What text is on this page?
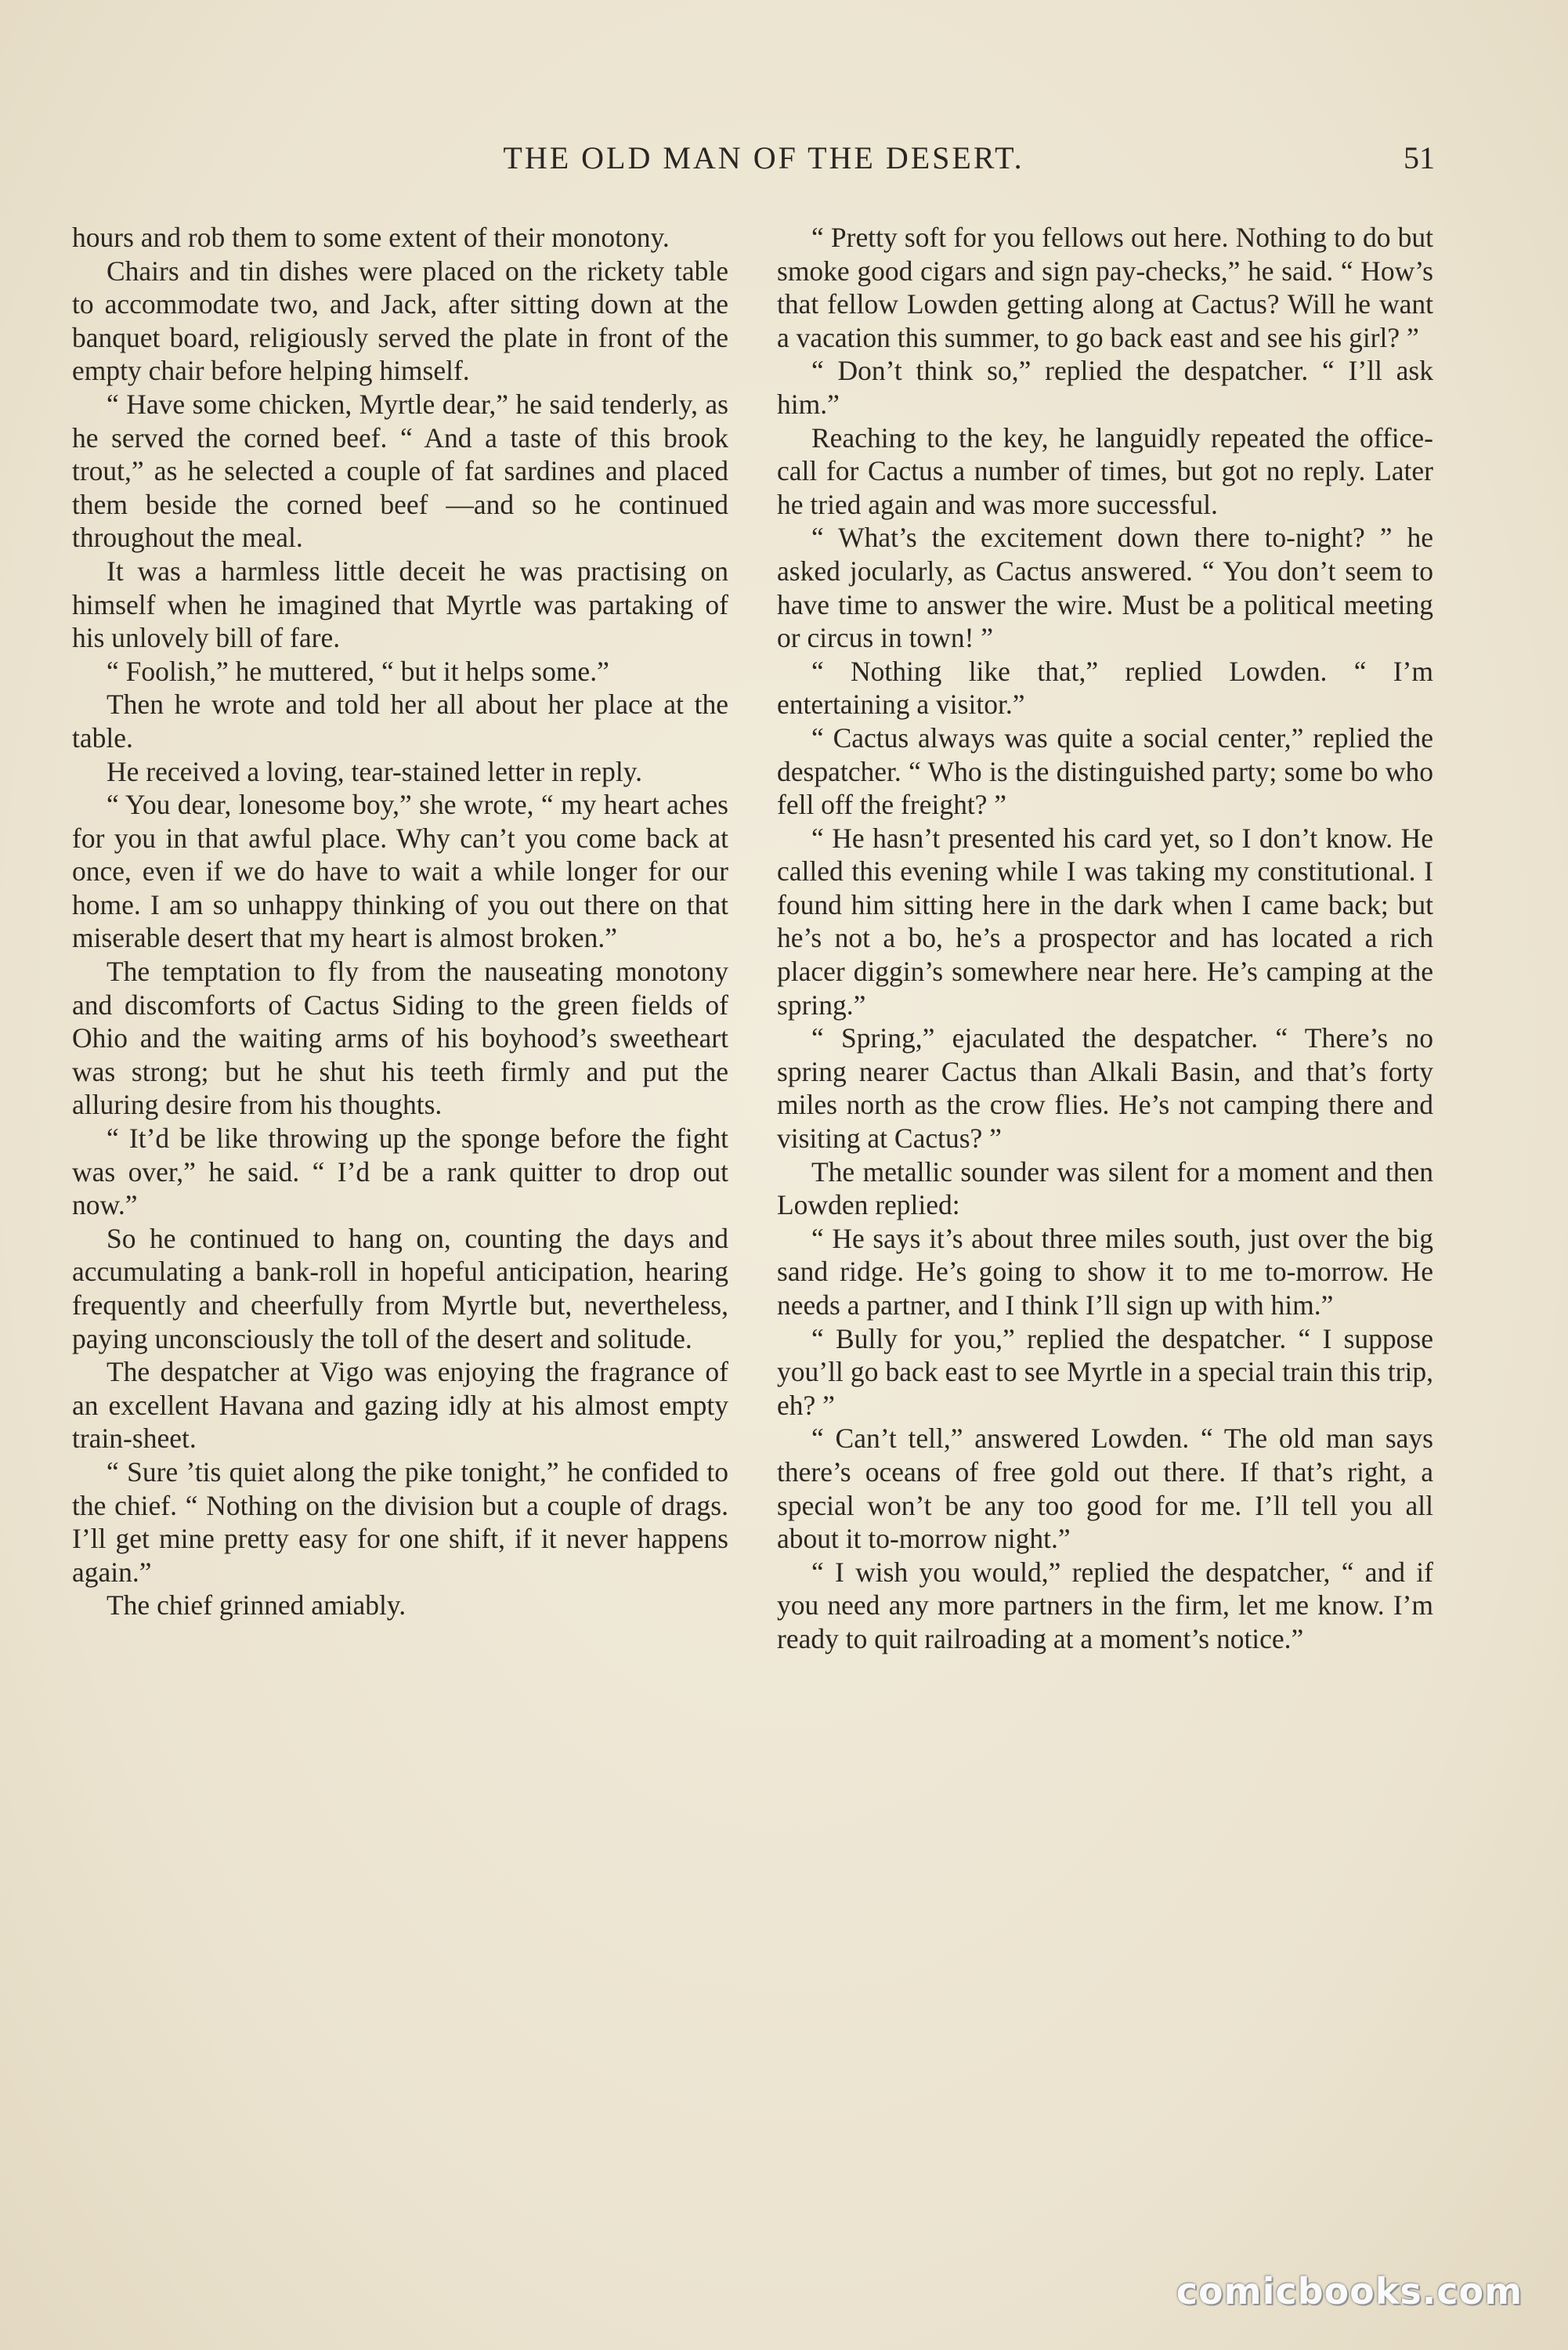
THE OLD MAN OF THE DESERT.	51

hours and rob them to some extent of their monotony.

Chairs and tin dishes were placed on the rickety table to accommodate two, and Jack, after sitting down at the banquet board, religiously served the plate in front of the empty chair before helping himself.

“ Have some chicken, Myrtle dear,” he said tenderly, as he served the corned beef. “ And a taste of this brook trout,” as he selected a couple of fat sardines and placed them beside the corned beef —and so he continued throughout the meal.

It was a harmless little deceit he was practising on himself when he imagined that Myrtle was partaking of his unlovely bill of fare.

“ Foolish,” he muttered, “ but it helps some.”

Then he wrote and told her all about her place at the table.

He received a loving, tear-stained letter in reply.

“ You dear, lonesome boy,” she wrote, “ my heart aches for you in that awful place. Why can’t you come back at once, even if we do have to wait a while longer for our home. I am so unhappy thinking of you out there on that miserable desert that my heart is almost broken.”

The temptation to fly from the nauseating monotony and discomforts of Cactus Siding to the green fields of Ohio and the waiting arms of his boyhood’s sweetheart was strong; but he shut his teeth firmly and put the alluring desire from his thoughts.

“ It’d be like throwing up the sponge before the fight was over,” he said. “ I’d be a rank quitter to drop out now.”

So he continued to hang on, counting the days and accumulating a bank-roll in hopeful anticipation, hearing frequently and cheerfully from Myrtle but, nevertheless, paying unconsciously the toll of the desert and solitude.

The despatcher at Vigo was enjoying the fragrance of an excellent Havana and gazing idly at his almost empty train-sheet.

“ Sure ’tis quiet along the pike tonight,” he confided to the chief. “ Nothing on the division but a couple of drags. I’ll get mine pretty easy for one shift, if it never happens again.”

The chief grinned amiably.

“ Pretty soft for you fellows out here. Nothing to do but smoke good cigars and sign pay-checks,” he said. “ How’s that fellow Lowden getting along at Cactus? Will he want a vacation this summer, to go back east and see his girl? ”

“ Don’t think so,” replied the despatcher. “ I’ll ask him.”

Reaching to the key, he languidly repeated the office-call for Cactus a number of times, but got no reply. Later he tried again and was more successful.

“ What’s the excitement down there to-night? ” he asked jocularly, as Cactus answered. “ You don’t seem to have time to answer the wire. Must be a political meeting or circus in town! ”

“ Nothing like that,” replied Lowden. “ I’m entertaining a visitor.”

“ Cactus always was quite a social center,” replied the despatcher. “ Who is the distinguished party; some bo who fell off the freight? ”

“ He hasn’t presented his card yet, so I don’t know. He called this evening while I was taking my constitutional. I found him sitting here in the dark when I came back; but he’s not a bo, he’s a prospector and has located a rich placer diggin’s somewhere near here. He’s camping at the spring.”

“ Spring,” ejaculated the despatcher. “ There’s no spring nearer Cactus than Alkali Basin, and that’s forty miles north as the crow flies. He’s not camping there and visiting at Cactus? ”

The metallic sounder was silent for a moment and then Lowden replied:

“ He says it’s about three miles south, just over the big sand ridge. He’s going to show it to me to-morrow. He needs a partner, and I think I’ll sign up with him.”

“ Bully for you,” replied the despatcher. “ I suppose you’ll go back east to see Myrtle in a special train this trip, eh? ”

“ Can’t tell,” answered Lowden. “ The old man says there’s oceans of free gold out there. If that’s right, a special won’t be any too good for me. I’ll tell you all about it to-morrow night.”

“ I wish you would,” replied the despatcher, “ and if you need any more partners in the firm, let me know. I’m ready to quit railroading at a moment’s notice.”

comicbooks.com
